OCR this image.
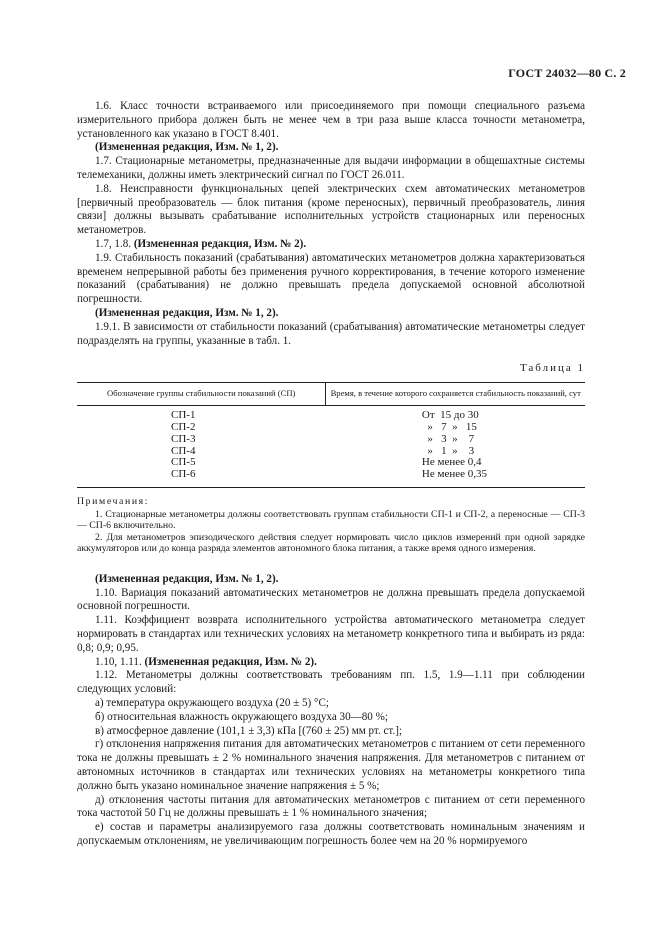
ГОСТ 24032—80 С. 2

1.6. Класс точности встраиваемого или присоединяемого при помощи специального разъема измерительного прибора должен быть не менее чем в три раза выше класса точности метанометра, установленного как указано в ГОСТ 8.401.

(Измененная редакция, Изм. № 1, 2).

1.7. Стационарные метанометры, предназначенные для выдачи информации в общешахтные системы телемеханики, должны иметь электрический сигнал по ГОСТ 26.011.

1.8. Неисправности функциональных цепей электрических схем автоматических метанометров [первичный преобразователь — блок питания (кроме переносных), первичный преобразователь, линия связи] должны вызывать срабатывание исполнительных устройств стационарных или переносных метанометров.

1.7, 1.8. (Измененная редакция, Изм. № 2).

1.9. Стабильность показаний (срабатывания) автоматических метанометров должна характеризоваться временем непрерывной работы без применения ручного корректирования, в течение которого изменение показаний (срабатывания) не должно превышать предела допускаемой основной абсолютной погрешности.

(Измененная редакция, Изм. № 1, 2).

1.9.1. В зависимости от стабильности показаний (срабатывания) автоматические метанометры следует подразделять на группы, указанные в табл. 1.

Таблица 1
Обозначение группы стабильности показаний (СП)	Время, в течение которого сохраняется стабильность показаний, сут

СП-1	От  15 до 30
СП-2	»   7  »   15
СП-3	»   3  »    7
СП-4	»   1  »    3
СП-5	Не менее 0,4
СП-6	Не менее 0,35

Примечания:

1. Стационарные метанометры должны соответствовать группам стабильности СП-1 и СП-2, а переносные — СП-3 — СП-6 включительно.

2. Для метанометров эпизодического действия следует нормировать число циклов измерений при одной зарядке аккумуляторов или до конца разряда элементов автономного блока питания, а также время одного измерения.

(Измененная редакция, Изм. № 1, 2).

1.10. Вариация показаний автоматических метанометров не должна превышать предела допускаемой основной погрешности.

1.11. Коэффициент возврата исполнительного устройства автоматического метанометра следует нормировать в стандартах или технических условиях на метанометр конкретного типа и выбирать из ряда: 0,8; 0,9; 0,95.

1.10, 1.11. (Измененная редакция, Изм. № 2).

1.12. Метанометры должны соответствовать требованиям пп. 1.5, 1.9—1.11 при соблюдении следующих условий:

а) температура окружающего воздуха (20 ± 5) °С;

б) относительная влажность окружающего воздуха 30—80 %;

в) атмосферное давление (101,1 ± 3,3) кПа [(760 ± 25) мм рт. ст.];

г) отклонения напряжения питания для автоматических метанометров с питанием от сети переменного тока не должны превышать ± 2 % номинального значения напряжения. Для метанометров с питанием от автономных источников в стандартах или технических условиях на метанометры конкретного типа должно быть указано номинальное значение напряжения ± 5 %;

д) отклонения частоты питания для автоматических метанометров с питанием от сети переменного тока частотой 50 Гц не должны превышать ± 1 % номинального значения;

е) состав и параметры анализируемого газа должны соответствовать номинальным значениям и допускаемым отклонениям, не увеличивающим погрешность более чем на 20 % нормируемого
